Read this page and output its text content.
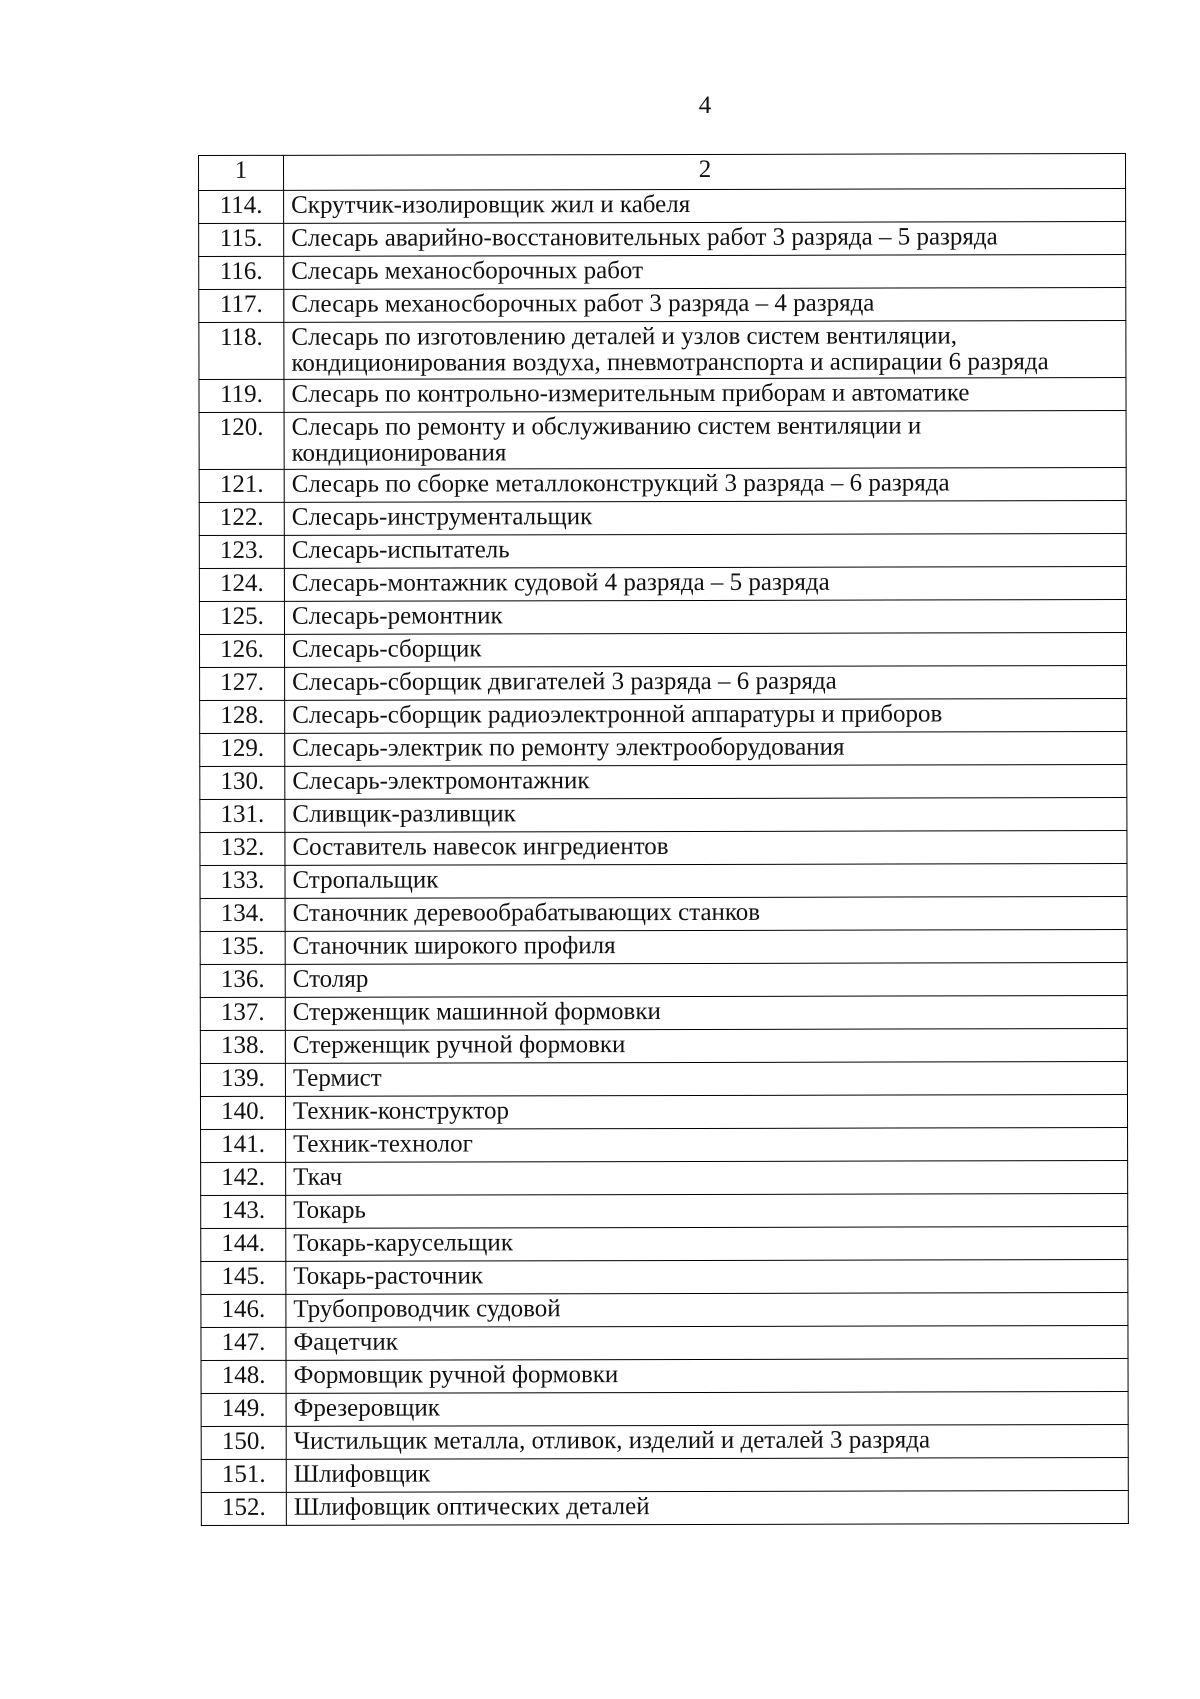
4
1	2
114.	Скрутчик-изолировщик жил и кабеля
115.	Слесарь аварийно-восстановительных работ 3 разряда – 5 разряда
116.	Слесарь механосборочных работ
117.	Слесарь механосборочных работ 3 разряда – 4 разряда
118.	Слесарь по изготовлению деталей и узлов систем вентиляции, кондиционирования воздуха, пневмотранспорта и аспирации 6 разряда
119.	Слесарь по контрольно-измерительным приборам и автоматике
120.	Слесарь по ремонту и обслуживанию систем вентиляции и кондиционирования
121.	Слесарь по сборке металлоконструкций 3 разряда – 6 разряда
122.	Слесарь-инструментальщик
123.	Слесарь-испытатель
124.	Слесарь-монтажник судовой 4 разряда – 5 разряда
125.	Слесарь-ремонтник
126.	Слесарь-сборщик
127.	Слесарь-сборщик двигателей 3 разряда – 6 разряда
128.	Слесарь-сборщик радиоэлектронной аппаратуры и приборов
129.	Слесарь-электрик по ремонту электрооборудования
130.	Слесарь-электромонтажник
131.	Сливщик-разливщик
132.	Составитель навесок ингредиентов
133.	Стропальщик
134.	Станочник деревообрабатывающих станков
135.	Станочник широкого профиля
136.	Столяр
137.	Стерженщик машинной формовки
138.	Стерженщик ручной формовки
139.	Термист
140.	Техник-конструктор
141.	Техник-технолог
142.	Ткач
143.	Токарь
144.	Токарь-карусельщик
145.	Токарь-расточник
146.	Трубопроводчик судовой
147.	Фацетчик
148.	Формовщик ручной формовки
149.	Фрезеровщик
150.	Чистильщик металла, отливок, изделий и деталей 3 разряда
151.	Шлифовщик
152.	Шлифовщик оптических деталей
